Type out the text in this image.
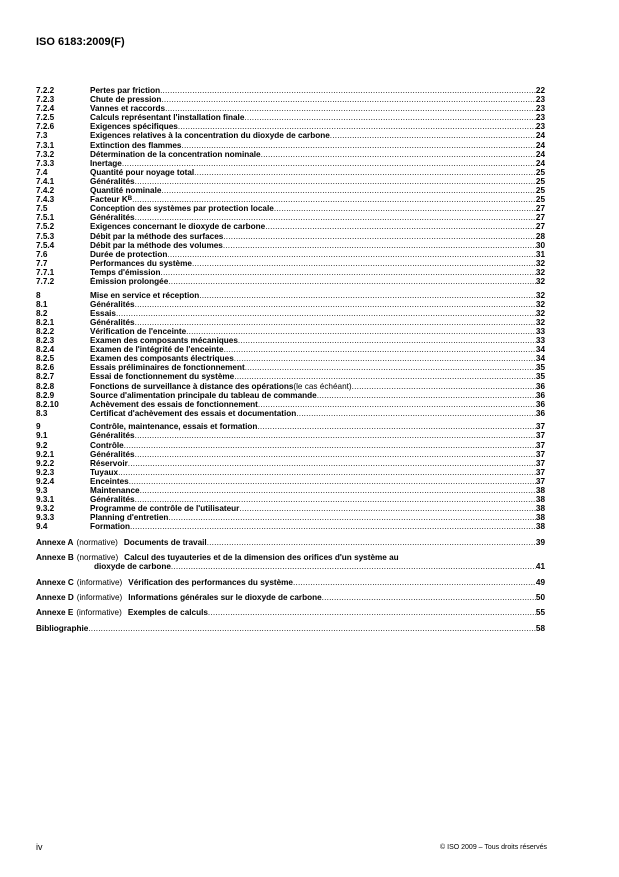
ISO 6183:2009(F)
7.2.2	Pertes par friction .....	22
7.2.3	Chute de pression .....	23
7.2.4	Vannes et raccords .....	23
7.2.5	Calculs représentant l'installation finale .....	23
7.2.6	Exigences spécifiques .....	23
7.3	Exigences relatives à la concentration du dioxyde de carbone .....	24
7.3.1	Extinction des flammes .....	24
7.3.2	Détermination de la concentration nominale .....	24
7.3.3	Inertage .....	24
7.4	Quantité pour noyage total .....	25
7.4.1	Généralités .....	25
7.4.2	Quantité nominale .....	25
7.4.3	Facteur K B .....	25
7.5	Conception des systèmes par protection locale .....	27
7.5.1	Généralités .....	27
7.5.2	Exigences concernant le dioxyde de carbone .....	27
7.5.3	Débit par la méthode des surfaces .....	28
7.5.4	Débit par la méthode des volumes .....	30
7.6	Durée de protection .....	31
7.7	Performances du système .....	32
7.7.1	Temps d'émission .....	32
7.7.2	Émission prolongée .....	32
8	Mise en service et réception .....	32
8.1	Généralités .....	32
8.2	Essais .....	32
8.2.1	Généralités .....	32
8.2.2	Vérification de l'enceinte .....	33
8.2.3	Examen des composants mécaniques .....	33
8.2.4	Examen de l'intégrité de l'enceinte .....	34
8.2.5	Examen des composants électriques .....	34
8.2.6	Essais préliminaires de fonctionnement .....	35
8.2.7	Essai de fonctionnement du système .....	35
8.2.8	Fonctions de surveillance à distance des opérations (le cas échéant) .....	36
8.2.9	Source d'alimentation principale du tableau de commande .....	36
8.2.10	Achèvement des essais de fonctionnement .....	36
8.3	Certificat d'achèvement des essais et documentation .....	36
9	Contrôle, maintenance, essais et formation .....	37
9.1	Généralités .....	37
9.2	Contrôle .....	37
9.2.1	Généralités .....	37
9.2.2	Réservoir .....	37
9.2.3	Tuyaux .....	37
9.2.4	Enceintes .....	37
9.3	Maintenance .....	38
9.3.1	Généralités .....	38
9.3.2	Programme de contrôle de l'utilisateur .....	38
9.3.3	Planning d'entretien .....	38
9.4	Formation .....	38
Annexe A (normative) Documents de travail .....	39
Annexe B (normative) Calcul des tuyauteries et de la dimension des orifices d'un système au
dioxyde de carbone .....	41
Annexe C (informative) Vérification des performances du système .....	49
Annexe D (informative) Informations générales sur le dioxyde de carbone .....	50
Annexe E (informative) Exemples de calculs .....	55
Bibliographie .....	58
iv	© ISO 2009 – Tous droits réservés
